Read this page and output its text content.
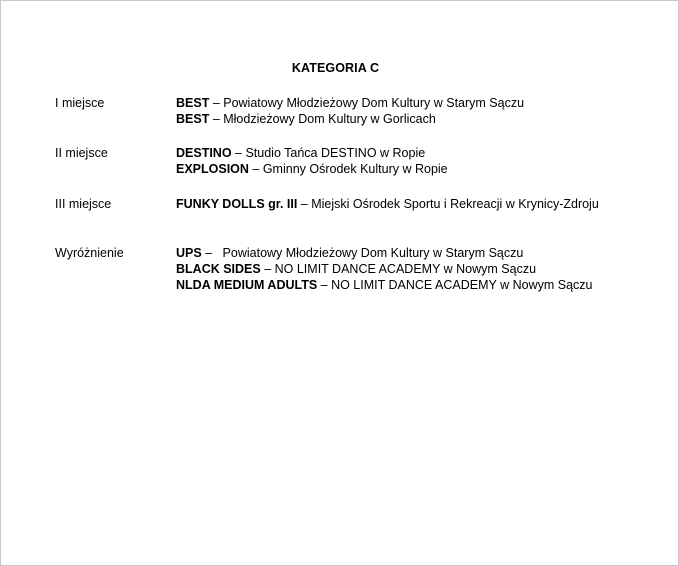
KATEGORIA C
I miejsce	BEST – Powiatowy Młodzieżowy Dom Kultury w Starym Sączu
BEST – Młodzieżowy Dom Kultury w Gorlicach
II miejsce	DESTINO – Studio Tańca DESTINO w Ropie
EXPLOSION – Gminny Ośrodek Kultury w Ropie
III miejsce	FUNKY DOLLS gr. III – Miejski Ośrodek Sportu i Rekreacji w Krynicy-Zdroju
Wyróżnienie	UPS –   Powiatowy Młodzieżowy Dom Kultury w Starym Sączu
BLACK SIDES – NO LIMIT DANCE ACADEMY w Nowym Sączu
NLDA MEDIUM ADULTS – NO LIMIT DANCE ACADEMY w Nowym Sączu
